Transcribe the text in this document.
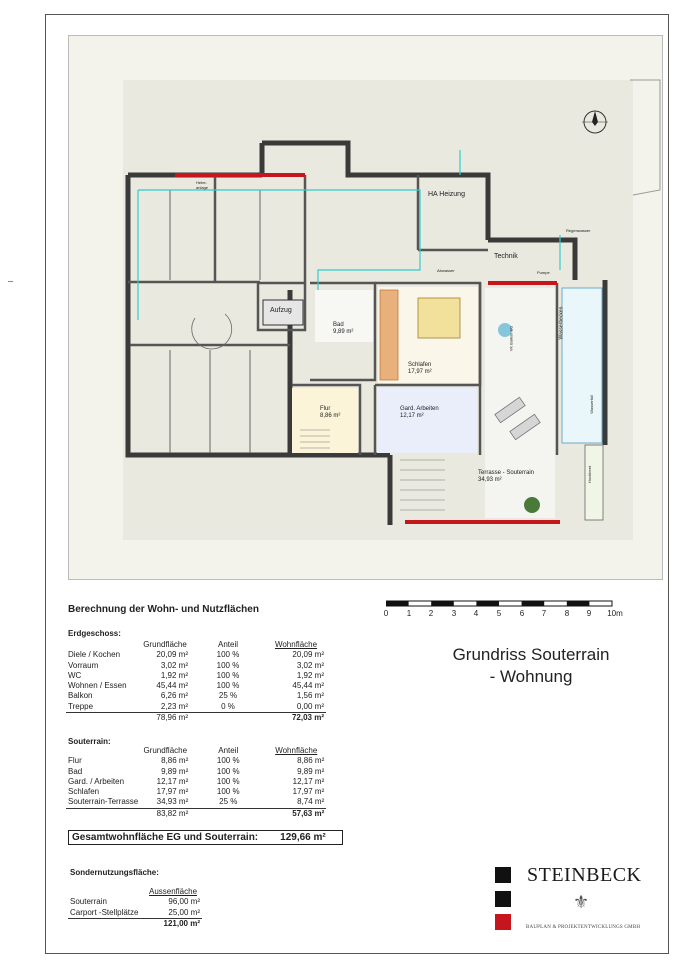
HA Heizung
Technik
Aufzug
Bad
9,89 m²
Schlafen
17,97 m²
Flur
8,86 m²
Gard. Arbeiten
12,17 m²
Terrasse - Souterrain
34,93 m²
Hebe-
anlage
Abwasser
Regenwasser
Pumpe
Wasserbecken
Hochbeet
Wasserfall
VK Balkon EG
0 1 2 3 4 5 6 7 8 9 10m
Grundriss Souterrain
- Wohnung
Berechnung der Wohn- und Nutzflächen
Erdgeschoss:
	Grundfläche	Anteil	Wohnfläche
Diele / Kochen	20,09 m²	100 %	20,09 m²
Vorraum	3,02 m²	100 %	3,02 m²
WC	1,92 m²	100 %	1,92 m²
Wohnen / Essen	45,44 m²	100 %	45,44 m²
Balkon	6,26 m²	25 %	1,56 m²
Treppe	2,23 m²	0 %	0,00 m²
	78,96 m²		72,03 m²
Souterrain:
	Grundfläche	Anteil	Wohnfläche
Flur	8,86 m²	100 %	8,86 m²
Bad	9,89 m²	100 %	9,89 m²
Gard. / Arbeiten	12,17 m²	100 %	12,17 m²
Schlafen	17,97 m²	100 %	17,97 m²
Souterrain-Terrasse	34,93 m²	25 %	8,74 m²
	83,82 m²		57,63 m²
Gesamtwohnfläche EG und Souterrain: 129,66 m²
Sondernutzungsfläche:
	Aussenfläche
Souterrain	96,00 m²
Carport -Stellplätze	25,00 m²
	121,00 m²
STEINBECK
⚜
BAUPLAN & PROJEKTENTWICKLUNGS GMBH
